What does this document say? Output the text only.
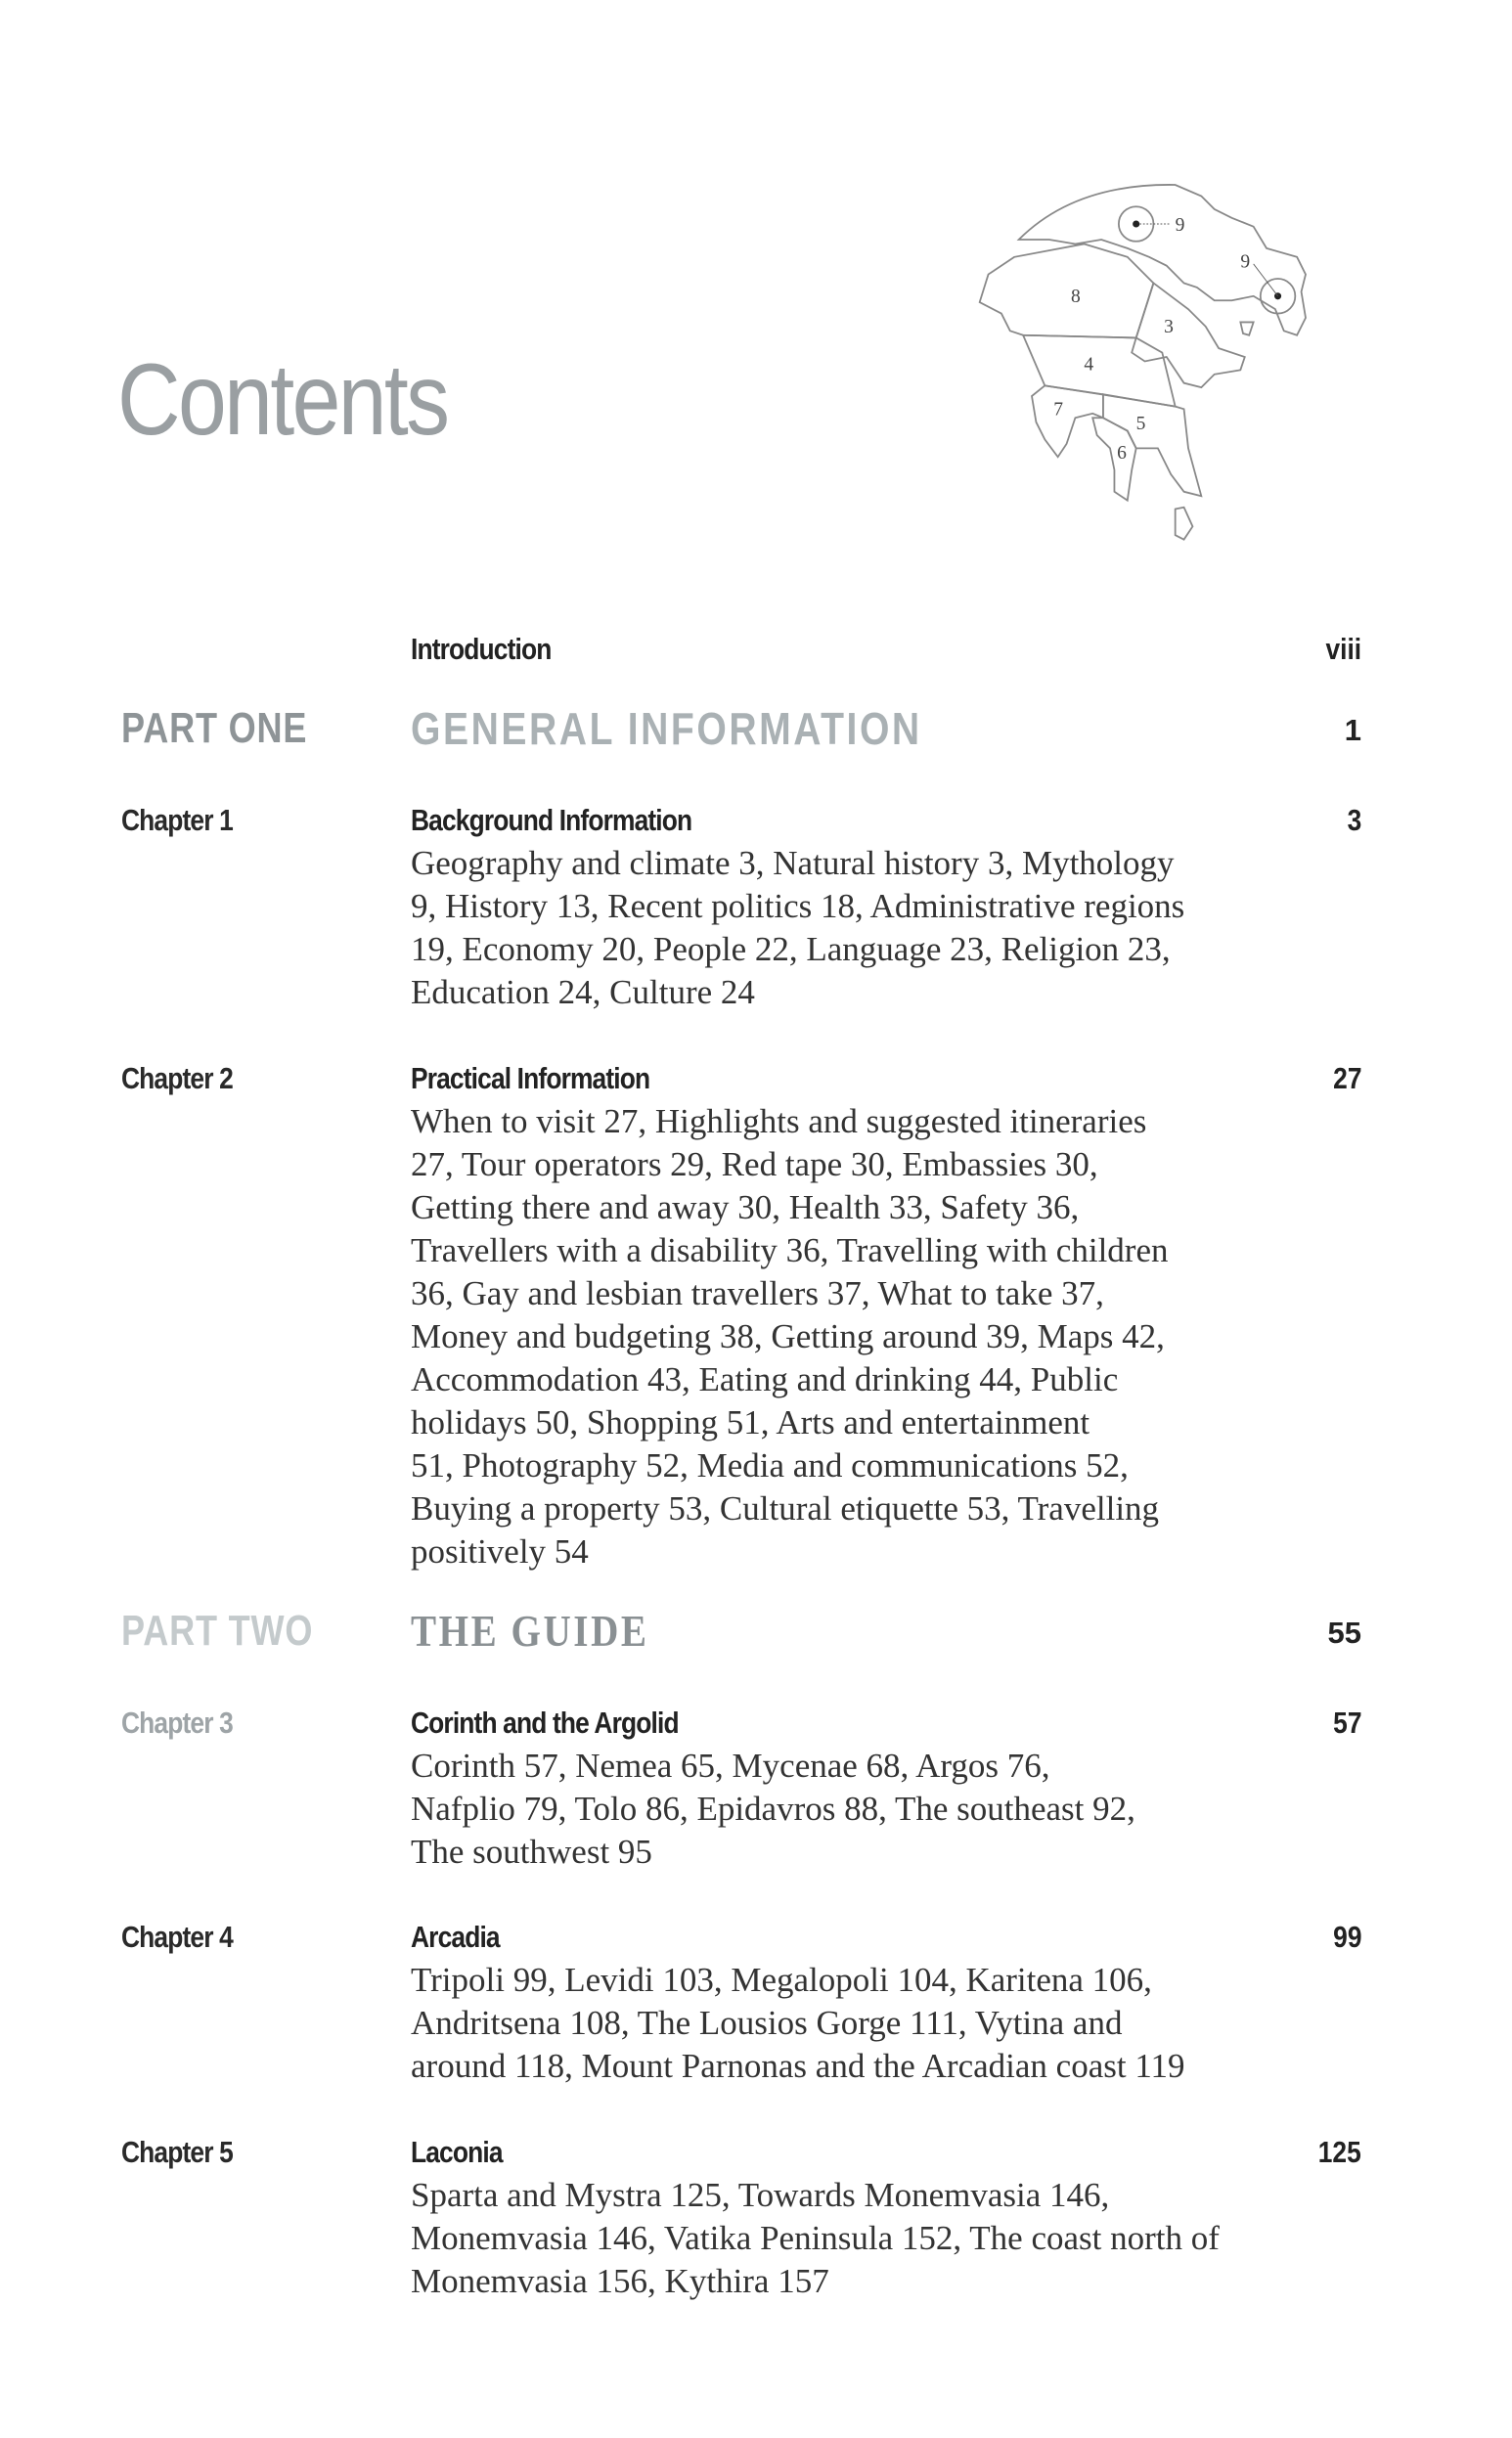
Contents
9
9
8
3
4
7
5
6
Introduction	viii
PART ONE GENERAL INFORMATION	1
Chapter 1	Background Information	3
Geography and climate 3, Natural history 3, Mythology
9, History 13, Recent politics 18, Administrative regions
19, Economy 20, People 22, Language 23, Religion 23,
Education 24, Culture 24
Chapter 2	Practical Information	27
When to visit 27, Highlights and suggested itineraries
27, Tour operators 29, Red tape 30, Embassies 30,
Getting there and away 30, Health 33, Safety 36,
Travellers with a disability 36, Travelling with children
36, Gay and lesbian travellers 37, What to take 37,
Money and budgeting 38, Getting around 39, Maps 42,
Accommodation 43, Eating and drinking 44, Public
holidays 50, Shopping 51, Arts and entertainment
51, Photography 52, Media and communications 52,
Buying a property 53, Cultural etiquette 53, Travelling
positively 54
PART TWO THE GUIDE	55
Chapter 3	Corinth and the Argolid	57
Corinth 57, Nemea 65, Mycenae 68, Argos 76,
Nafplio 79, Tolo 86, Epidavros 88, The southeast 92,
The southwest 95
Chapter 4	Arcadia	99
Tripoli 99, Levidi 103, Megalopoli 104, Karitena 106,
Andritsena 108, The Lousios Gorge 111, Vytina and
around 118, Mount Parnonas and the Arcadian coast 119
Chapter 5	Laconia	125
Sparta and Mystra 125, Towards Monemvasia 146,
Monemvasia 146, Vatika Peninsula 152, The coast north of
Monemvasia 156, Kythira 157
